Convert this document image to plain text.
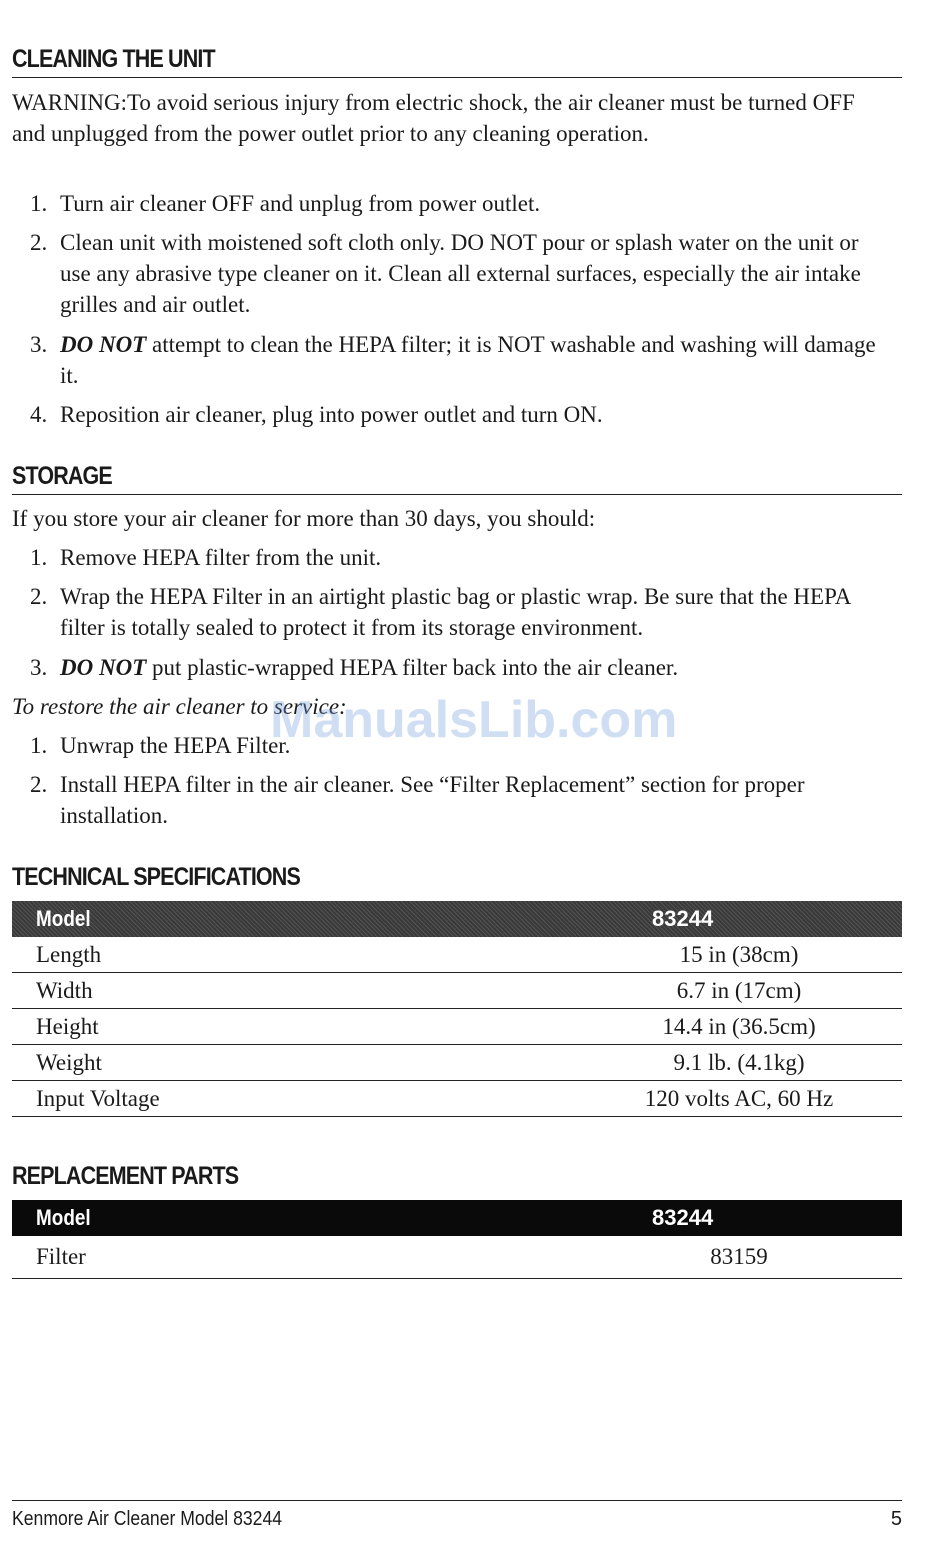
CLEANING THE UNIT

WARNING:To avoid serious injury from electric shock, the air cleaner must be turned OFF and unplugged from the power outlet prior to any cleaning operation.

1. Turn air cleaner OFF and unplug from power outlet.
2. Clean unit with moistened soft cloth only. DO NOT pour or splash water on the unit or use any abrasive type cleaner on it. Clean all external surfaces, especially the air intake grilles and air outlet.
3. DO NOT attempt to clean the HEPA filter; it is NOT washable and washing will damage it.
4. Reposition air cleaner, plug into power outlet and turn ON.
STORAGE

If you store your air cleaner for more than 30 days, you should:

1. Remove HEPA filter from the unit.
2. Wrap the HEPA Filter in an airtight plastic bag or plastic wrap. Be sure that the HEPA filter is totally sealed to protect it from its storage environment.
3. DO NOT put plastic-wrapped HEPA filter back into the air cleaner.

To restore the air cleaner to service:

1. Unwrap the HEPA Filter.
2. Install HEPA filter in the air cleaner. See “Filter Replacement” section for proper installation.
TECHNICAL SPECIFICATIONS
Model	83244
Length	15 in (38cm)
Width	6.7 in (17cm)
Height	14.4 in (36.5cm)
Weight	9.1 lb. (4.1kg)
Input Voltage	120 volts AC, 60 Hz
REPLACEMENT PARTS
Model	83244
Filter	83159
Kenmore Air Cleaner Model 83244	5
ManualsLib.com
